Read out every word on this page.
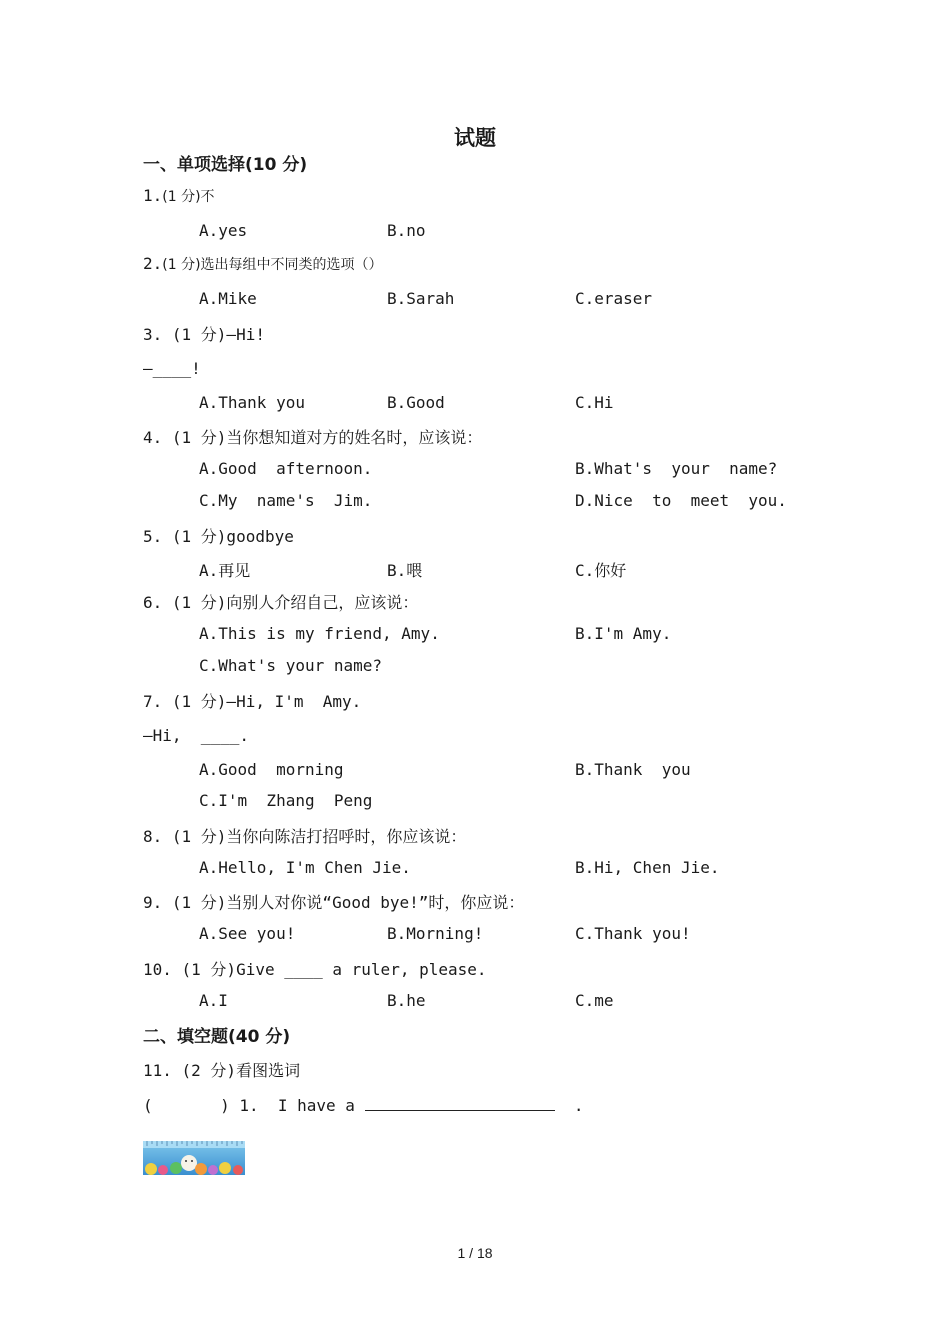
试题
一、单项选择(10 分)
1.(1 分)不
A.yes	B.no
2.(1 分)选出每组中不同类的选项（）
A.Mike	B.Sarah	C.eraser
3. (1 分)—Hi!
—____!
A.Thank you	B.Good	C.Hi
4. (1 分)当你想知道对方的姓名时，应该说：
A.Good  afternoon.	B.What's  your  name?
C.My  name's  Jim.	D.Nice  to  meet  you.
5. (1 分)goodbye
A.再见	B.喂	C.你好
6. (1 分)向别人介绍自己，应该说：
A.This is my friend, Amy.	B.I'm Amy.
C.What's your name?
7. (1 分)—Hi, I'm  Amy.
—Hi,  ____.
A.Good  morning	B.Thank  you
C.I'm  Zhang  Peng
8. (1 分)当你向陈洁打招呼时，你应该说：
A.Hello, I'm Chen Jie.	B.Hi, Chen Jie.
9. (1 分)当别人对你说“Good bye!”时，你应说：
A.See you!	B.Morning!	C.Thank you!
10. (1 分)Give ____ a ruler, please.
A.I	B.he	C.me
二、填空题(40 分)
11. (2 分)看图选词
(       ) 1.  I have a	.
1 / 18
